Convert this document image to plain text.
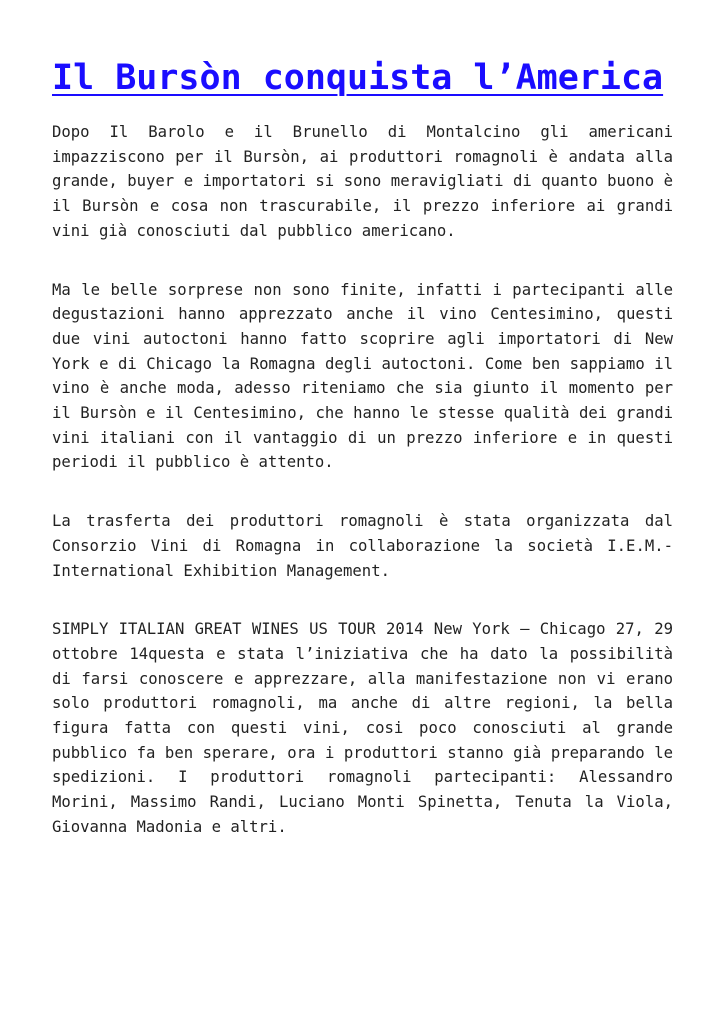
Il Bursòn conquista l’America

Dopo Il Barolo e il Brunello di Montalcino gli americani impazziscono per il Bursòn, ai produttori romagnoli è andata alla grande, buyer e importatori si sono meravigliati di quanto buono è il Bursòn e cosa non trascurabile, il prezzo inferiore ai grandi vini già conosciuti dal pubblico americano.

Ma le belle sorprese non sono finite, infatti i partecipanti alle degustazioni hanno apprezzato anche il vino Centesimino, questi due vini autoctoni hanno fatto scoprire agli importatori di New York e di Chicago la Romagna degli autoctoni. Come ben sappiamo il vino è anche moda, adesso riteniamo che sia giunto il momento per il Bursòn e il Centesimino, che hanno le stesse qualità dei grandi vini italiani con il vantaggio di un prezzo inferiore e in questi periodi il pubblico è attento.

La trasferta dei produttori romagnoli è stata organizzata dal Consorzio Vini di Romagna in collaborazione la società I.E.M.- International Exhibition Management.

SIMPLY ITALIAN GREAT WINES US TOUR 2014 New York – Chicago 27, 29 ottobre 14questa e stata l’iniziativa che ha dato la possibilità di farsi conoscere e apprezzare, alla manifestazione non vi erano solo produttori romagnoli, ma anche di altre regioni, la bella figura fatta con questi vini, cosi poco conosciuti al grande pubblico fa ben sperare, ora i produttori stanno già preparando le spedizioni. I produttori romagnoli partecipanti: Alessandro Morini, Massimo Randi, Luciano Monti Spinetta, Tenuta la Viola, Giovanna Madonia e altri.
